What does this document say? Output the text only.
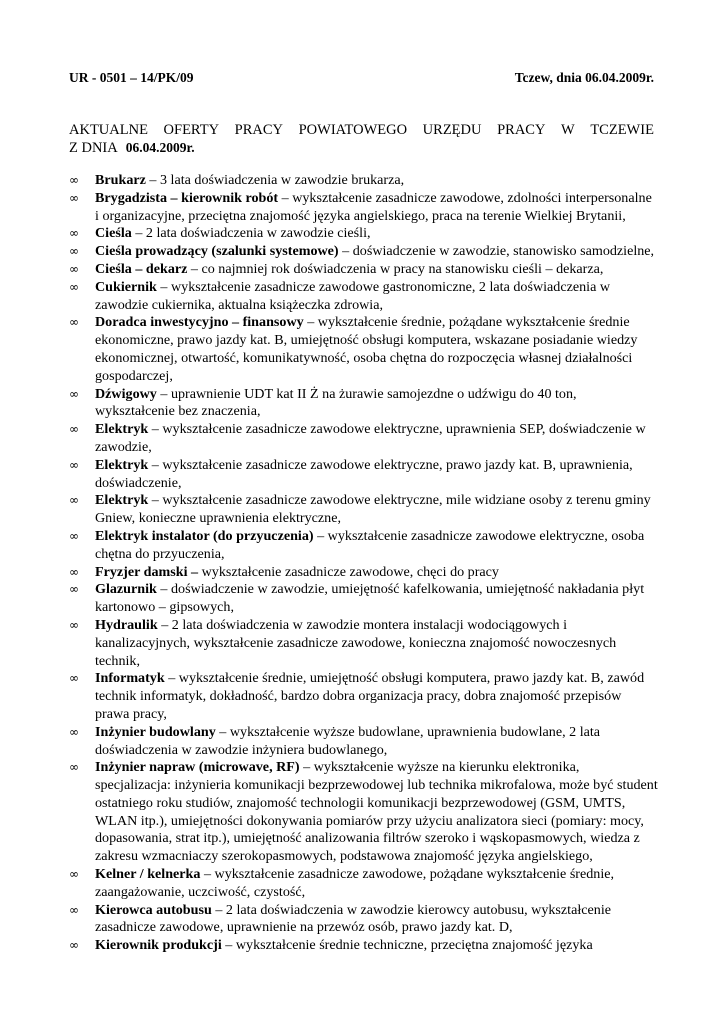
UR - 0501 – 14/PK/09	Tczew, dnia 06.04.2009r.
AKTUALNE OFERTY PRACY POWIATOWEGO URZĘDU PRACY W TCZEWIE
Z DNIA 06.04.2009r.
∞	Brukarz – 3 lata doświadczenia w zawodzie brukarza,
∞	Brygadzista – kierownik robót – wykształcenie zasadnicze zawodowe, zdolności interpersonalne i organizacyjne, przeciętna znajomość języka angielskiego, praca na terenie Wielkiej Brytanii,
∞	Cieśla – 2 lata doświadczenia w zawodzie cieśli,
∞	Cieśla prowadzący (szalunki systemowe) – doświadczenie w zawodzie, stanowisko samodzielne,
∞	Cieśla – dekarz – co najmniej rok doświadczenia w pracy na stanowisku cieśli – dekarza,
∞	Cukiernik – wykształcenie zasadnicze zawodowe gastronomiczne, 2 lata doświadczenia w zawodzie cukiernika, aktualna książeczka zdrowia,
∞	Doradca inwestycyjno – finansowy – wykształcenie średnie, pożądane wykształcenie średnie ekonomiczne, prawo jazdy kat. B, umiejętność obsługi komputera, wskazane posiadanie wiedzy ekonomicznej, otwartość, komunikatywność, osoba chętna do rozpoczęcia własnej działalności gospodarczej,
∞	Dźwigowy – uprawnienie UDT kat II Ż na żurawie samojezdne o udźwigu do 40 ton, wykształcenie bez znaczenia,
∞	Elektryk – wykształcenie zasadnicze zawodowe elektryczne, uprawnienia SEP, doświadczenie w zawodzie,
∞	Elektryk – wykształcenie zasadnicze zawodowe elektryczne, prawo jazdy kat. B, uprawnienia, doświadczenie,
∞	Elektryk – wykształcenie zasadnicze zawodowe elektryczne, mile widziane osoby z terenu gminy Gniew, konieczne uprawnienia elektryczne,
∞	Elektryk instalator (do przyuczenia) – wykształcenie zasadnicze zawodowe elektryczne, osoba chętna do przyuczenia,
∞	Fryzjer damski – wykształcenie zasadnicze zawodowe, chęci do pracy
∞	Glazurnik – doświadczenie w zawodzie, umiejętność kafelkowania, umiejętność nakładania płyt kartonowo – gipsowych,
∞	Hydraulik – 2 lata doświadczenia w zawodzie montera instalacji wodociągowych i kanalizacyjnych, wykształcenie zasadnicze zawodowe, konieczna znajomość nowoczesnych technik,
∞	Informatyk – wykształcenie średnie, umiejętność obsługi komputera, prawo jazdy kat. B, zawód technik informatyk, dokładność, bardzo dobra organizacja pracy, dobra znajomość przepisów prawa pracy,
∞	Inżynier budowlany – wykształcenie wyższe budowlane, uprawnienia budowlane, 2 lata doświadczenia w zawodzie inżyniera budowlanego,
∞	Inżynier napraw (microwave, RF) – wykształcenie wyższe na kierunku elektronika, specjalizacja: inżynieria komunikacji bezprzewodowej lub technika mikrofalowa, może być student ostatniego roku studiów, znajomość technologii komunikacji bezprzewodowej (GSM, UMTS, WLAN itp.), umiejętności dokonywania pomiarów przy użyciu analizatora sieci (pomiary: mocy, dopasowania, strat itp.), umiejętność analizowania filtrów szeroko i wąskopasmowych, wiedza z zakresu wzmacniaczy szerokopasmowych, podstawowa znajomość języka angielskiego,
∞	Kelner / kelnerka – wykształcenie zasadnicze zawodowe, pożądane wykształcenie średnie, zaangażowanie, uczciwość, czystość,
∞	Kierowca autobusu – 2 lata doświadczenia w zawodzie kierowcy autobusu, wykształcenie zasadnicze zawodowe, uprawnienie na przewóz osób, prawo jazdy kat. D,
∞	Kierownik produkcji – wykształcenie średnie techniczne, przeciętna znajomość języka
